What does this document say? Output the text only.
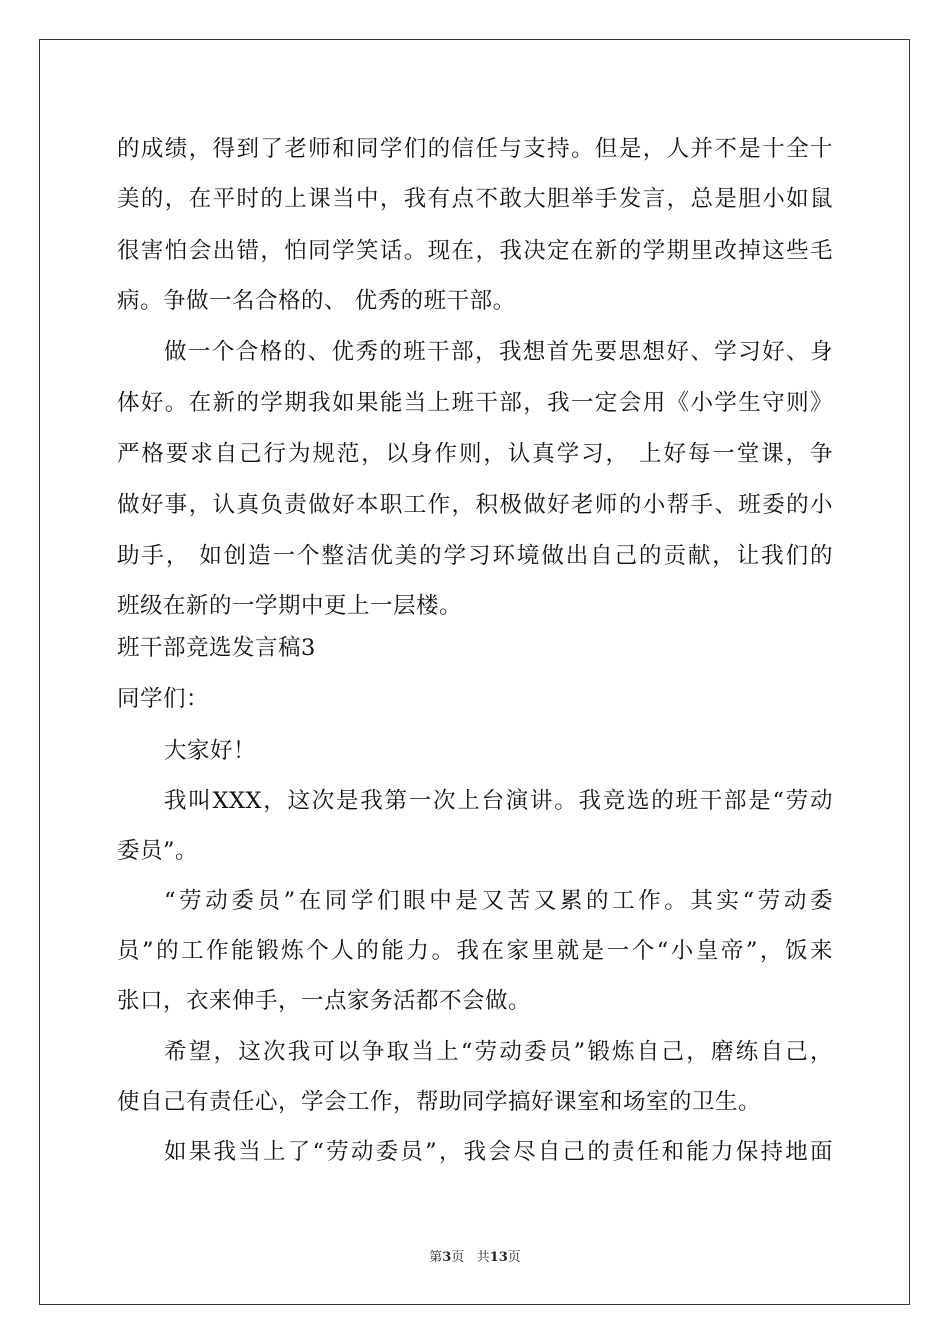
的成绩，得到了老师和同学们的信任与支持。但是，人并不是十全十
美的，在平时的上课当中，我有点不敢大胆举手发言，总是胆小如鼠
很害怕会出错，怕同学笑话。现在，我决定在新的学期里改掉这些毛
病。争做一名合格的、 优秀的班干部。
做一个合格的、优秀的班干部，我想首先要思想好、学习好、身
体好。在新的学期我如果能当上班干部，我一定会用《小学生守则》
严格要求自己行为规范，以身作则，认真学习， 上好每一堂课，争
做好事，认真负责做好本职工作，积极做好老师的小帮手、班委的小
助手， 如创造一个整洁优美的学习环境做出自己的贡献，让我们的
班级在新的一学期中更上一层楼。
班干部竞选发言稿3
同学们：
大家好！
我叫XXX，这次是我第一次上台演讲。我竞选的班干部是“劳动
委员”。
“劳动委员”在同学们眼中是又苦又累的工作。其实“劳动委
员”的工作能锻炼个人的能力。我在家里就是一个“小皇帝”，饭来
张口，衣来伸手，一点家务活都不会做。
希望，这次我可以争取当上“劳动委员”锻炼自己，磨练自己，
使自己有责任心，学会工作，帮助同学搞好课室和场室的卫生。
如果我当上了“劳动委员”，我会尽自己的责任和能力保持地面
第3页 共13页
